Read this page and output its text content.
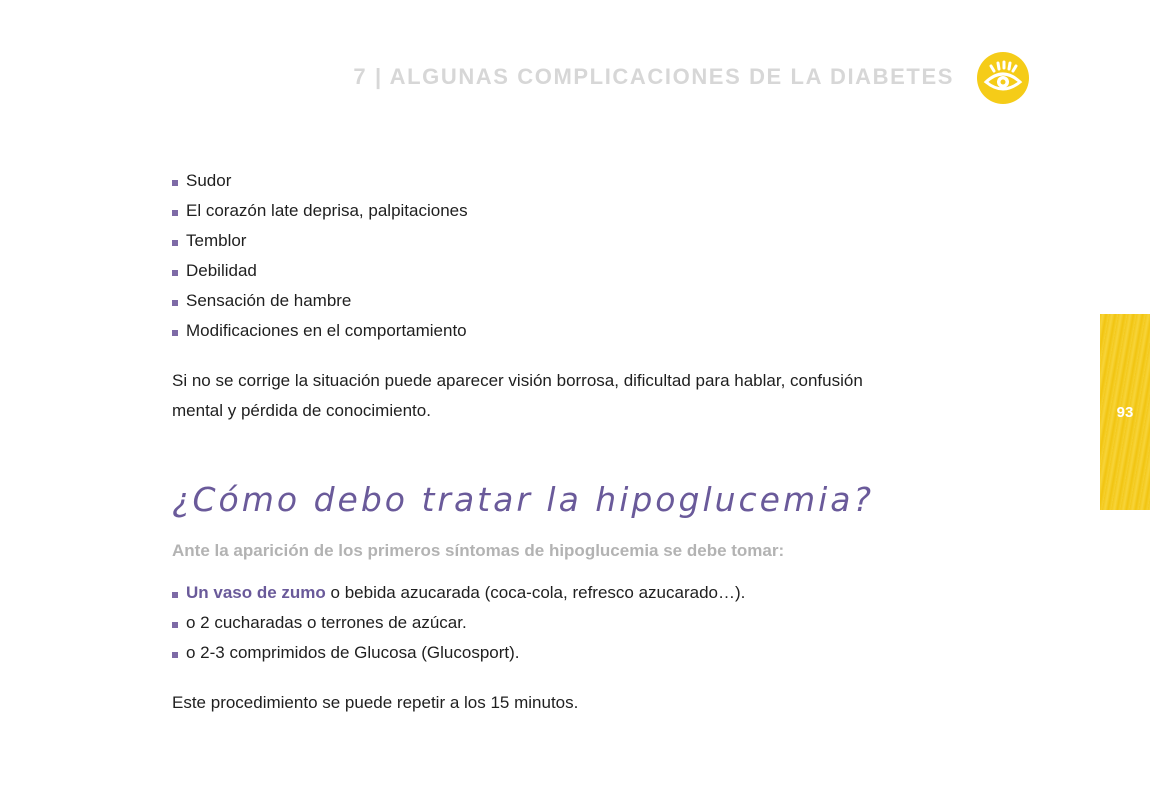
7 | ALGUNAS COMPLICACIONES DE LA DIABETES
93
Sudor
El corazón late deprisa, palpitaciones
Temblor
Debilidad
Sensación de hambre
Modificaciones en el comportamiento

Si no se corrige la situación puede aparecer visión borrosa, dificultad para hablar, confusión mental y pérdida de conocimiento.

¿Cómo debo tratar la hipoglucemia?

Ante la aparición de los primeros síntomas de hipoglucemia se debe tomar:

Un vaso de zumo o bebida azucarada (coca-cola, refresco azucarado…).
o 2 cucharadas o terrones de azúcar.
o 2-3 comprimidos de Glucosa (Glucosport).

Este procedimiento se puede repetir a los 15 minutos.
